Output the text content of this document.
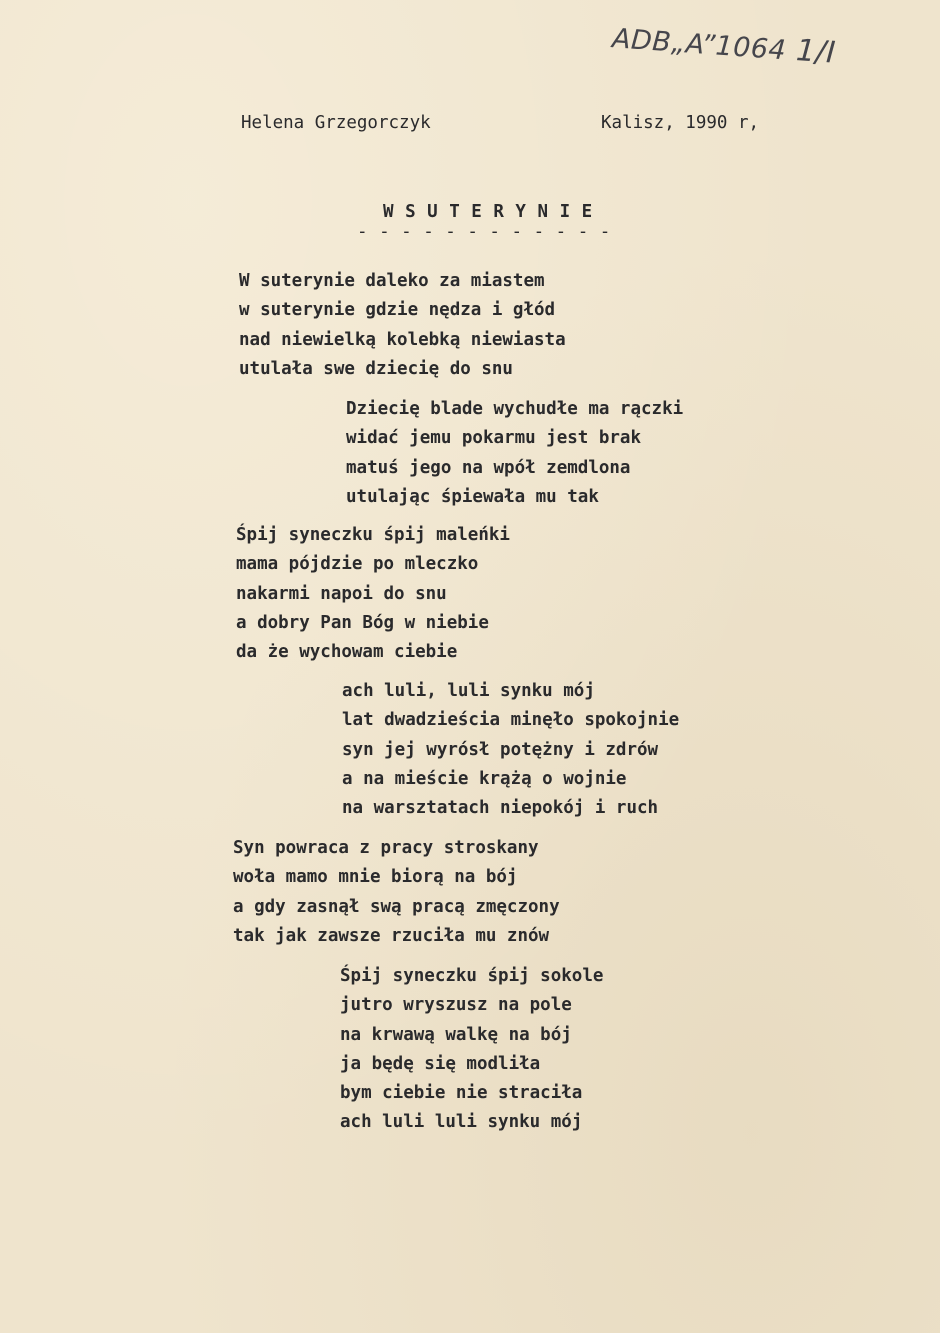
ADB„A”1064 1/I
Helena Grzegorczyk	Kalisz, 1990 r,
W S U T E R Y N I E
- - - - - - - - - - - -
W suterynie daleko za miastem
w suterynie gdzie nędza i głód
nad niewielką kolebką niewiasta
utulała swe dziecię do snu
Dziecię blade wychudłe ma rączki
widać jemu pokarmu jest brak
matuś jego na wpół zemdlona
utulając śpiewała mu tak
Śpij syneczku śpij maleńki
mama pójdzie po mleczko
nakarmi napoi do snu
a dobry Pan Bóg w niebie
da że wychowam ciebie
ach luli, luli synku mój
lat dwadzieścia minęło spokojnie
syn jej wyrósł potężny i zdrów
a na mieście krążą o wojnie
na warsztatach niepokój i ruch
Syn powraca z pracy stroskany
woła mamo mnie biorą na bój
a gdy zasnął swą pracą zmęczony
tak jak zawsze rzuciła mu znów
Śpij syneczku śpij sokole
jutro wryszusz na pole
na krwawą walkę na bój
ja będę się modliła
bym ciebie nie straciła
ach luli luli synku mój
